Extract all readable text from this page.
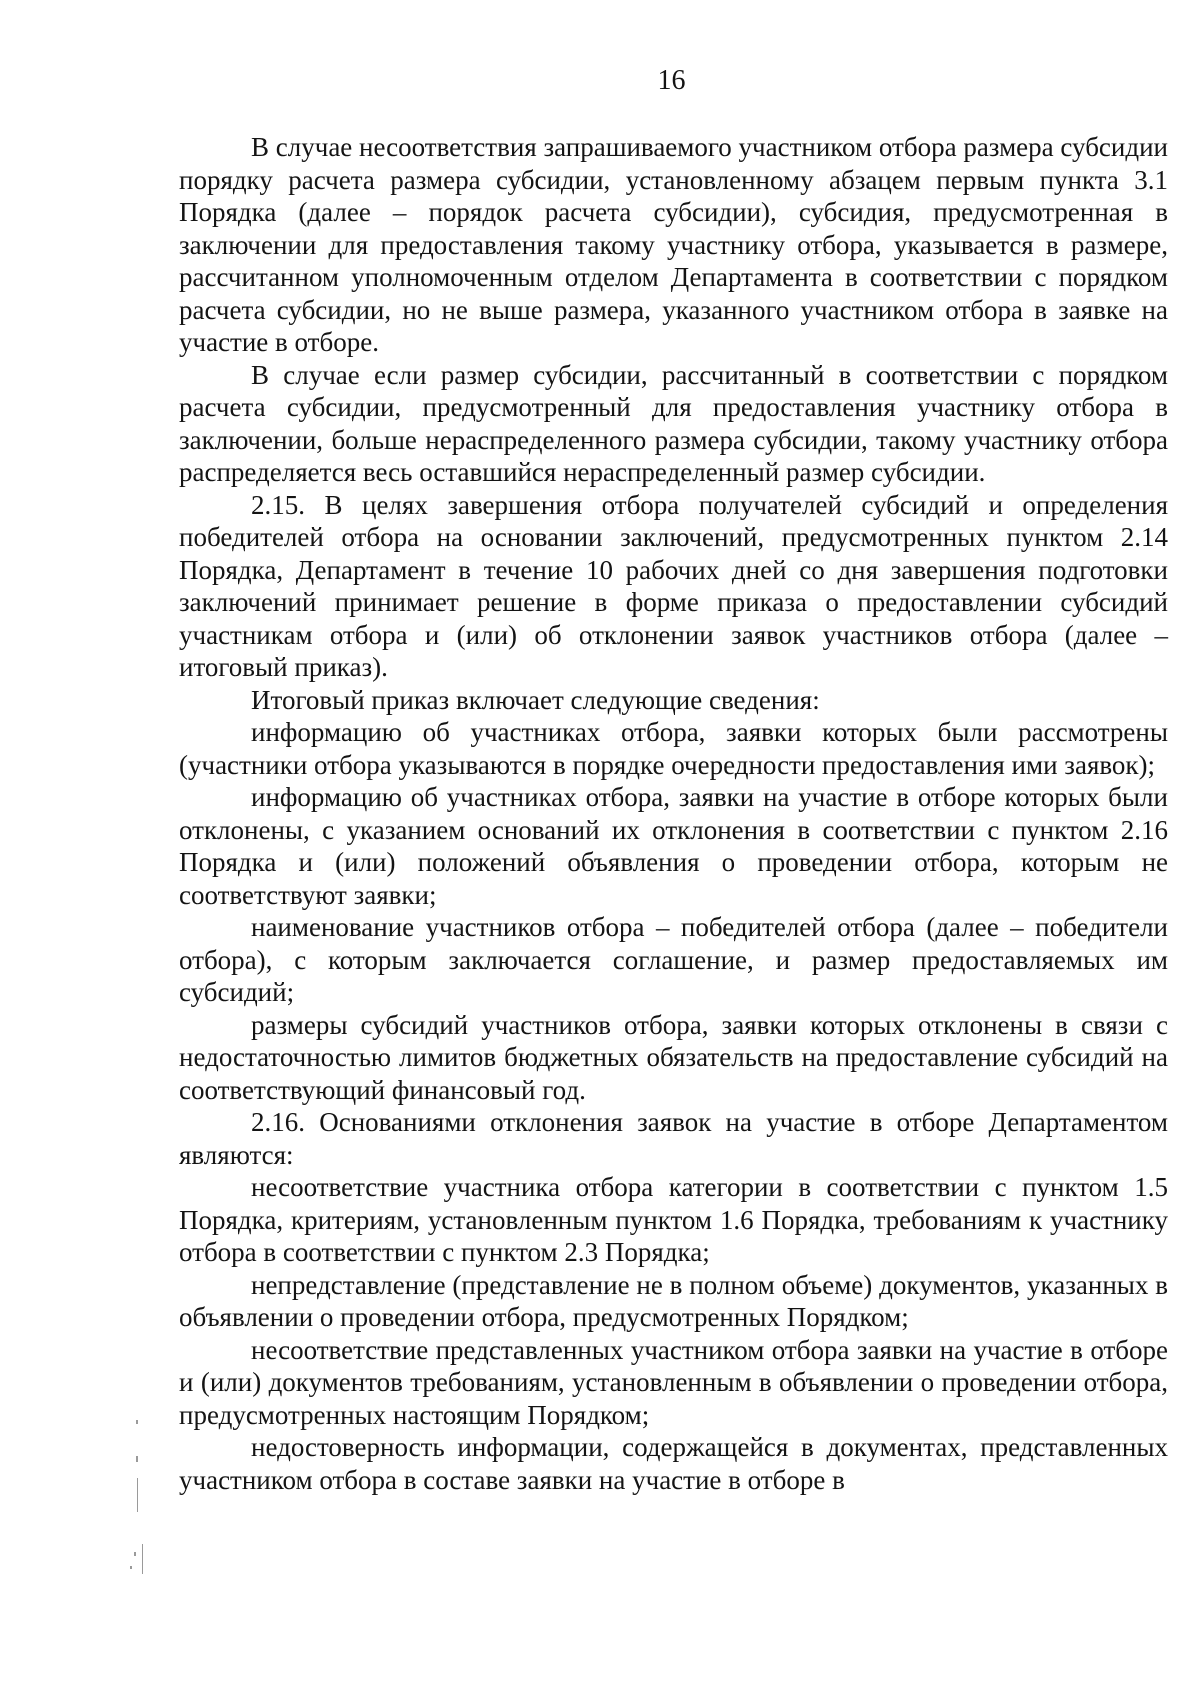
16

В случае несоответствия запрашиваемого участником отбора размера субсидии порядку расчета размера субсидии, установленному абзацем первым пункта 3.1 Порядка (далее – порядок расчета субсидии), субсидия, предусмотренная в заключении для предоставления такому участнику отбора, указывается в размере, рассчитанном уполномоченным отделом Департамента в соответствии с порядком расчета субсидии, но не выше размера, указанного участником отбора в заявке на участие в отборе.

В случае если размер субсидии, рассчитанный в соответствии с порядком расчета субсидии, предусмотренный для предоставления участнику отбора в заключении, больше нераспределенного размера субсидии, такому участнику отбора распределяется весь оставшийся нераспределенный размер субсидии.

2.15. В целях завершения отбора получателей субсидий и определения победителей отбора на основании заключений, предусмотренных пунктом 2.14 Порядка, Департамент в течение 10 рабочих дней со дня завершения подготовки заключений принимает решение в форме приказа о предоставлении субсидий участникам отбора и (или) об отклонении заявок участников отбора (далее – итоговый приказ).

Итоговый приказ включает следующие сведения:

информацию об участниках отбора, заявки которых были рассмотрены (участники отбора указываются в порядке очередности предоставления ими заявок);

информацию об участниках отбора, заявки на участие в отборе которых были отклонены, с указанием оснований их отклонения в соответствии с пунктом 2.16 Порядка и (или) положений объявления о проведении отбора, которым не соответствуют заявки;

наименование участников отбора – победителей отбора (далее – победители отбора), с которым заключается соглашение, и размер предоставляемых им субсидий;

размеры субсидий участников отбора, заявки которых отклонены в связи с недостаточностью лимитов бюджетных обязательств на предоставление субсидий на соответствующий финансовый год.

2.16. Основаниями отклонения заявок на участие в отборе Департаментом являются:

несоответствие участника отбора категории в соответствии с пунктом 1.5 Порядка, критериям, установленным пунктом 1.6 Порядка, требованиям к участнику отбора в соответствии с пунктом 2.3 Порядка;

непредставление (представление не в полном объеме) документов, указанных в объявлении о проведении отбора, предусмотренных Порядком;

несоответствие представленных участником отбора заявки на участие в отборе и (или) документов требованиям, установленным в объявлении о проведении отбора, предусмотренных настоящим Порядком;

недостоверность информации, содержащейся в документах, представленных участником отбора в составе заявки на участие в отборе в
